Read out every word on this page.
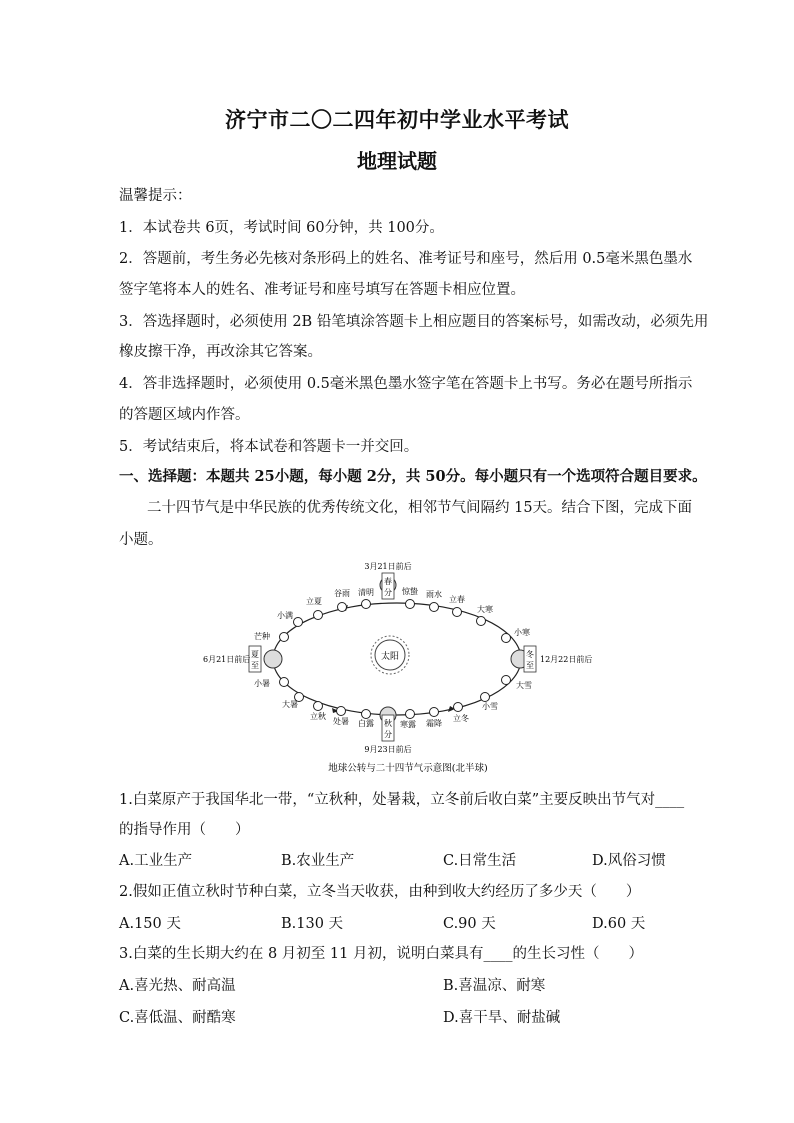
济宁市二〇二四年初中学业水平考试
地理试题
温馨提示：
1．本试卷共 6页，考试时间 60分钟，共 100分。
2．答题前，考生务必先核对条形码上的姓名、准考证号和座号，然后用 0.5毫米黑色墨水
签字笔将本人的姓名、准考证号和座号填写在答题卡相应位置。
3．答选择题时，必须使用 2B 铅笔填涂答题卡上相应题目的答案标号，如需改动，必须先用
橡皮擦干净，再改涂其它答案。
4．答非选择题时，必须使用 0.5毫米黑色墨水签字笔在答题卡上书写。务必在题号所指示
的答题区域内作答。
5．考试结束后，将本试卷和答题卡一并交回。
一、选择题：本题共 25小题，每小题 2分，共 50分。每小题只有一个选项符合题目要求。
二十四节气是中华民族的优秀传统文化，相邻节气间隔约 15天。结合下图，完成下面
小题。
太阳
春
分
3月21日前后
夏
至
6月21日前后
冬
至
12月22日前后
秋
分
9月23日前后
立夏
谷雨 清明	惊蛰 雨水
立春
大寒
小寒
大雪
小雪
立冬
霜降
寒露
白露
处暑
立秋
大暑
小暑
芒种
小满
地球公转与二十四节气示意图(北半球)
1.白菜原产于我国华北一带，“立秋种，处暑栽，立冬前后收白菜”主要反映出节气对____
的指导作用（　　）
A.工业生产	B.农业生产	C.日常生活	D.风俗习惯
2.假如正值立秋时节种白菜，立冬当天收获，由种到收大约经历了多少天（　　）
A.150 天	B.130 天	C.90 天	D.60 天
3.白菜的生长期大约在 8 月初至 11 月初，说明白菜具有____的生长习性（　　）
A.喜光热、耐高温	B.喜温凉、耐寒
C.喜低温、耐酷寒	D.喜干旱、耐盐碱
